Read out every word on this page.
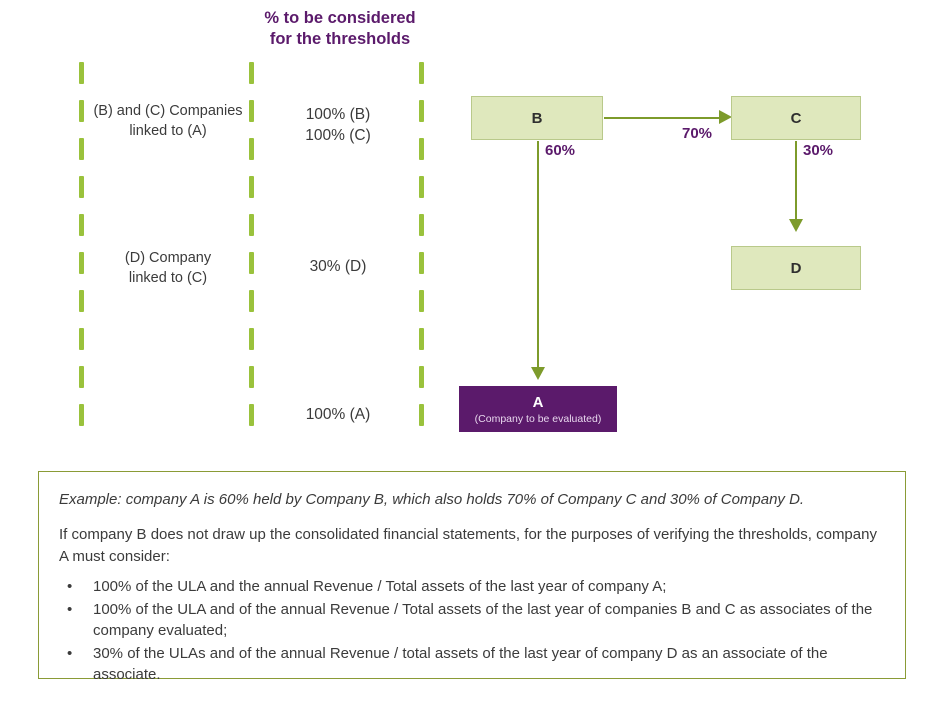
% to be considered
for the thresholds
(B) and (C) Companies
linked to (A)
(D) Company
linked to (C)
100% (B)
100% (C)
30% (D)
100% (A)
70%
30%
60%
B	C
D
A
(Company to be evaluated)

Example: company A is 60% held by Company B, which also holds 70% of Company C and 30% of Company D.

If company B does not draw up the consolidated financial statements, for the purposes of verifying the thresholds, company A must consider:

• 100% of the ULA and the annual Revenue / Total assets of the last year of company A;
• 100% of the ULA and of the annual Revenue / Total assets of the last year of companies B and C as associates of the company evaluated;
• 30% of the ULAs and of the annual Revenue / total assets of the last year of company D as an associate of the associate.
